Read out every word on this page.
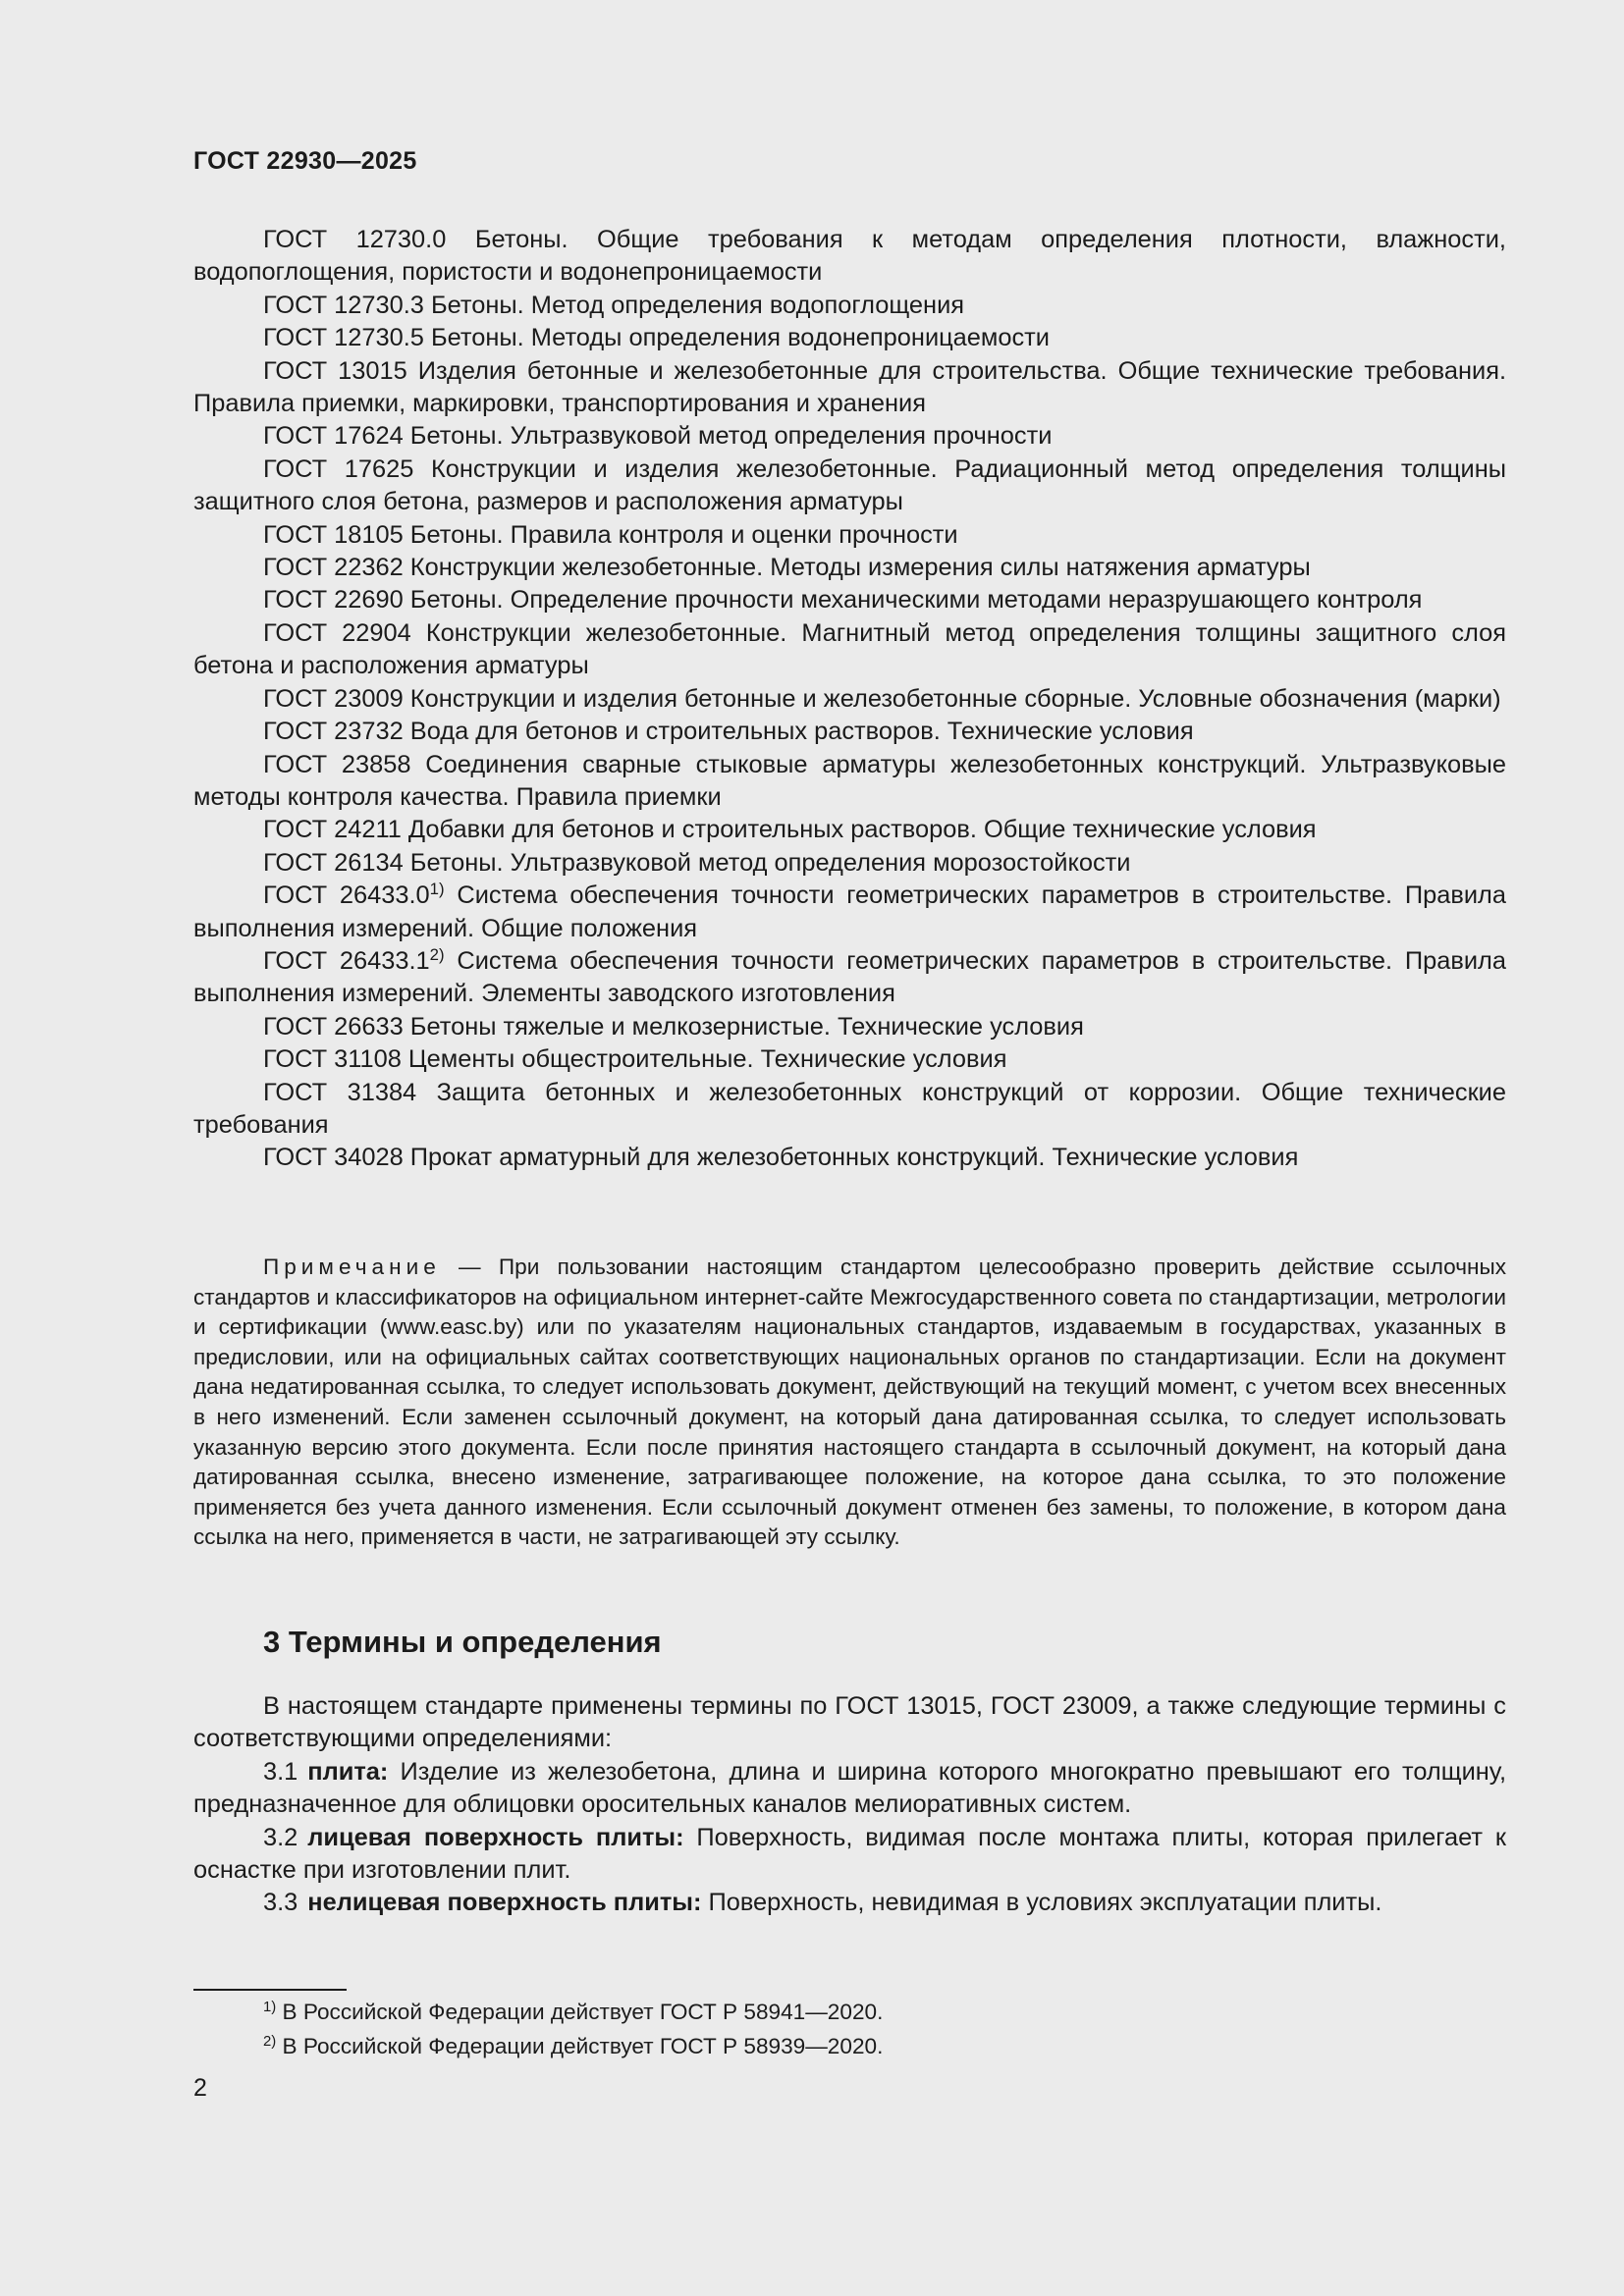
ГОСТ 22930—2025

ГОСТ 12730.0 Бетоны. Общие требования к методам определения плотности, влажности, водопоглощения, пористости и водонепроницаемости

ГОСТ 12730.3 Бетоны. Метод определения водопоглощения

ГОСТ 12730.5 Бетоны. Методы определения водонепроницаемости

ГОСТ 13015 Изделия бетонные и железобетонные для строительства. Общие технические требования. Правила приемки, маркировки, транспортирования и хранения

ГОСТ 17624 Бетоны. Ультразвуковой метод определения прочности

ГОСТ 17625 Конструкции и изделия железобетонные. Радиационный метод определения толщины защитного слоя бетона, размеров и расположения арматуры

ГОСТ 18105 Бетоны. Правила контроля и оценки прочности

ГОСТ 22362 Конструкции железобетонные. Методы измерения силы натяжения арматуры

ГОСТ 22690 Бетоны. Определение прочности механическими методами неразрушающего контроля

ГОСТ 22904 Конструкции железобетонные. Магнитный метод определения толщины защитного слоя бетона и расположения арматуры

ГОСТ 23009 Конструкции и изделия бетонные и железобетонные сборные. Условные обозначения (марки)

ГОСТ 23732 Вода для бетонов и строительных растворов. Технические условия

ГОСТ 23858 Соединения сварные стыковые арматуры железобетонных конструкций. Ультразвуковые методы контроля качества. Правила приемки

ГОСТ 24211 Добавки для бетонов и строительных растворов. Общие технические условия

ГОСТ 26134 Бетоны. Ультразвуковой метод определения морозостойкости

ГОСТ 26433.0$^{1)}$ Система обеспечения точности геометрических параметров в строительстве. Правила выполнения измерений. Общие положения

ГОСТ 26433.1$^{2)}$ Система обеспечения точности геометрических параметров в строительстве. Правила выполнения измерений. Элементы заводского изготовления

ГОСТ 26633 Бетоны тяжелые и мелкозернистые. Технические условия

ГОСТ 31108 Цементы общестроительные. Технические условия

ГОСТ 31384 Защита бетонных и железобетонных конструкций от коррозии. Общие технические требования

ГОСТ 34028 Прокат арматурный для железобетонных конструкций. Технические условия

Примечание — При пользовании настоящим стандартом целесообразно проверить действие ссылочных стандартов и классификаторов на официальном интернет-сайте Межгосударственного совета по стандартизации, метрологии и сертификации (www.easc.by) или по указателям национальных стандартов, издаваемым в государствах, указанных в предисловии, или на официальных сайтах соответствующих национальных органов по стандартизации. Если на документ дана недатированная ссылка, то следует использовать документ, действующий на текущий момент, с учетом всех внесенных в него изменений. Если заменен ссылочный документ, на который дана датированная ссылка, то следует использовать указанную версию этого документа. Если после принятия настоящего стандарта в ссылочный документ, на который дана датированная ссылка, внесено изменение, затрагивающее положение, на которое дана ссылка, то это положение применяется без учета данного изменения. Если ссылочный документ отменен без замены, то положение, в котором дана ссылка на него, применяется в части, не затрагивающей эту ссылку.

3 Термины и определения

В настоящем стандарте применены термины по ГОСТ 13015, ГОСТ 23009, а также следующие термины с соответствующими определениями:

3.1 плита: Изделие из железобетона, длина и ширина которого многократно превышают его толщину, предназначенное для облицовки оросительных каналов мелиоративных систем.

3.2 лицевая поверхность плиты: Поверхность, видимая после монтажа плиты, которая прилегает к оснастке при изготовлении плит.

3.3 нелицевая поверхность плиты: Поверхность, невидимая в условиях эксплуатации плиты.

$^{1)}$ В Российской Федерации действует ГОСТ Р 58941—2020.

$^{2)}$ В Российской Федерации действует ГОСТ Р 58939—2020.

2
